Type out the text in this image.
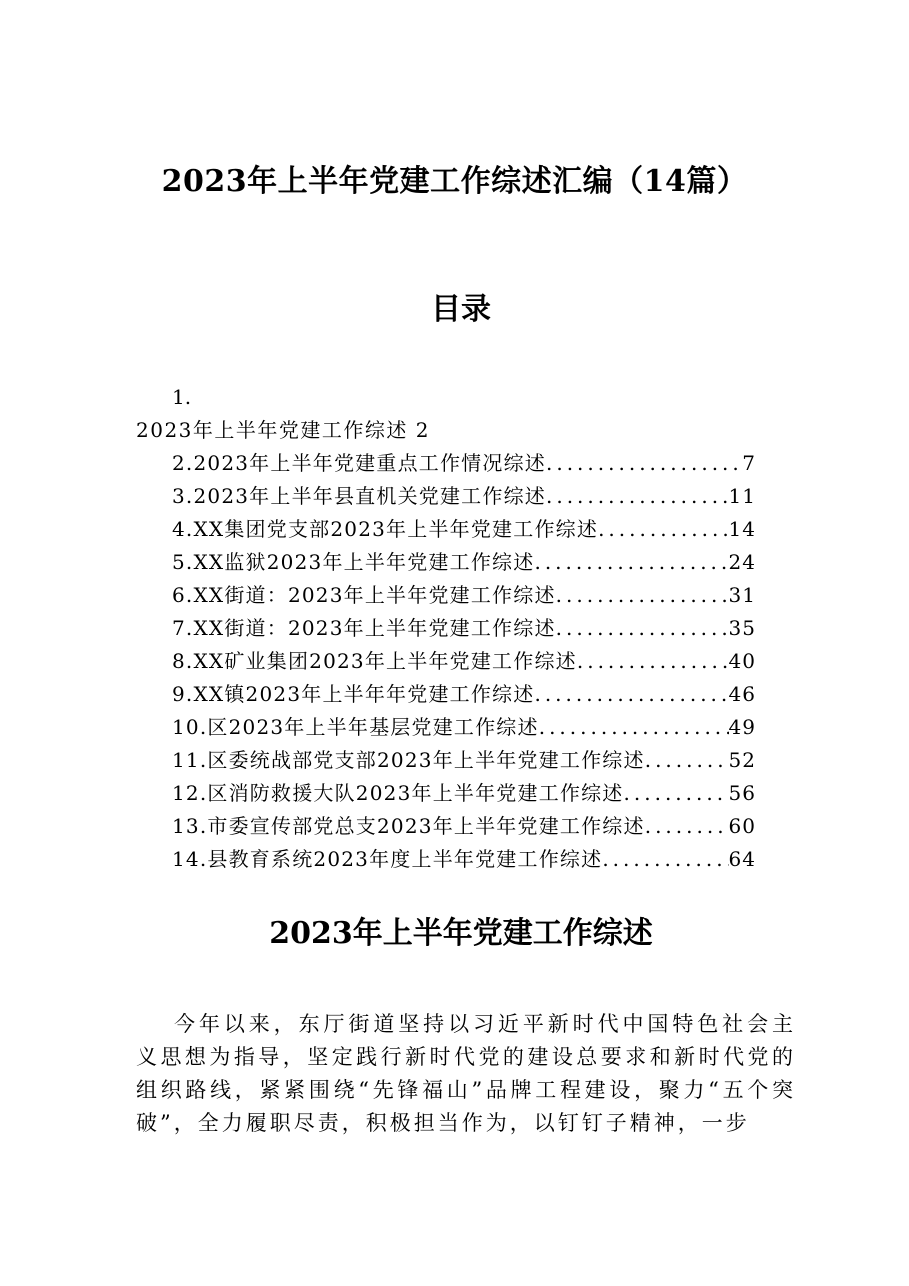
2023年上半年党建工作综述汇编（14篇）
目录
1.
2023年上半年党建工作综述 2
2.2023年上半年党建重点工作情况综述 .....	7
3.2023年上半年县直机关党建工作综述 .....	11
4.XX集团党支部2023年上半年党建工作综述 .....	14
5.XX监狱2023年上半年党建工作综述 .....	24
6.XX街道：2023年上半年党建工作综述 .....	31
7.XX街道：2023年上半年党建工作综述 .....	35
8.XX矿业集团2023年上半年党建工作综述 .....	40
9.XX镇2023年上半年年党建工作综述 .....	46
10.区2023年上半年基层党建工作综述 .....	49
11.区委统战部党支部2023年上半年党建工作综述 .....	52
12.区消防救援大队2023年上半年党建工作综述 .....	56
13.市委宣传部党总支2023年上半年党建工作综述 .....	60
14.县教育系统2023年度上半年党建工作综述 .....	64
2023年上半年党建工作综述
今年以来，东厅街道坚持以习近平新时代中国特色社会主义思想为指导，坚定践行新时代党的建设总要求和新时代党的组织路线，紧紧围绕“先锋福山”品牌工程建设，聚力“五个突破”，全力履职尽责，积极担当作为，以钉钉子精神，一步
